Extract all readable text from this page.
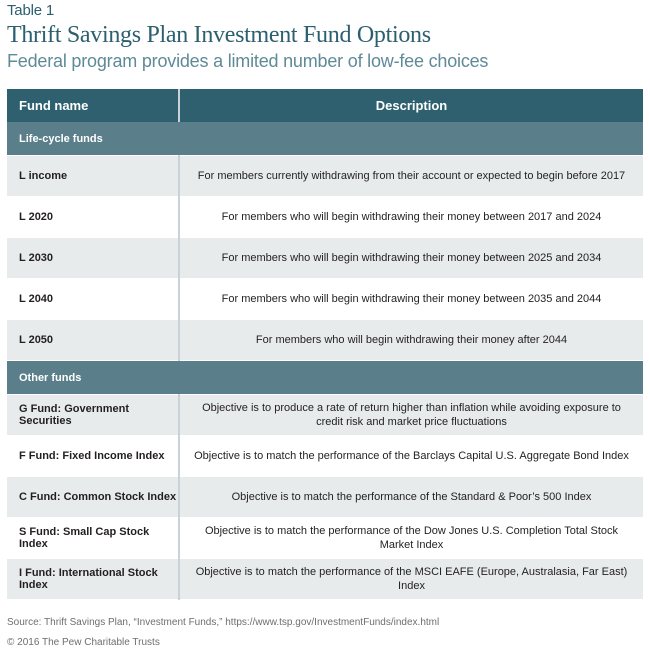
Table 1
Thrift Savings Plan Investment Fund Options
Federal program provides a limited number of low-fee choices
Fund name	Description
Life-cycle funds	
L income	For members currently withdrawing from their account or expected to begin before 2017
L 2020	For members who will begin withdrawing their money between 2017 and 2024
L 2030	For members who will begin withdrawing their money between 2025 and 2034
L 2040	For members who will begin withdrawing their money between 2035 and 2044
L 2050	For members who will begin withdrawing their money after 2044
Other funds	
G Fund: Government Securities	Objective is to produce a rate of return higher than inflation while avoiding exposure to credit risk and market price fluctuations
F Fund: Fixed Income Index	Objective is to match the performance of the Barclays Capital U.S. Aggregate Bond Index
C Fund: Common Stock Index	Objective is to match the performance of the Standard & Poor’s 500 Index
S Fund: Small Cap Stock Index	Objective is to match the performance of the Dow Jones U.S. Completion Total Stock Market Index
I Fund: International Stock Index	Objective is to match the performance of the MSCI EAFE (Europe, Australasia, Far East) Index
Source: Thrift Savings Plan, “Investment Funds,” https://www.tsp.gov/InvestmentFunds/index.html
© 2016 The Pew Charitable Trusts
